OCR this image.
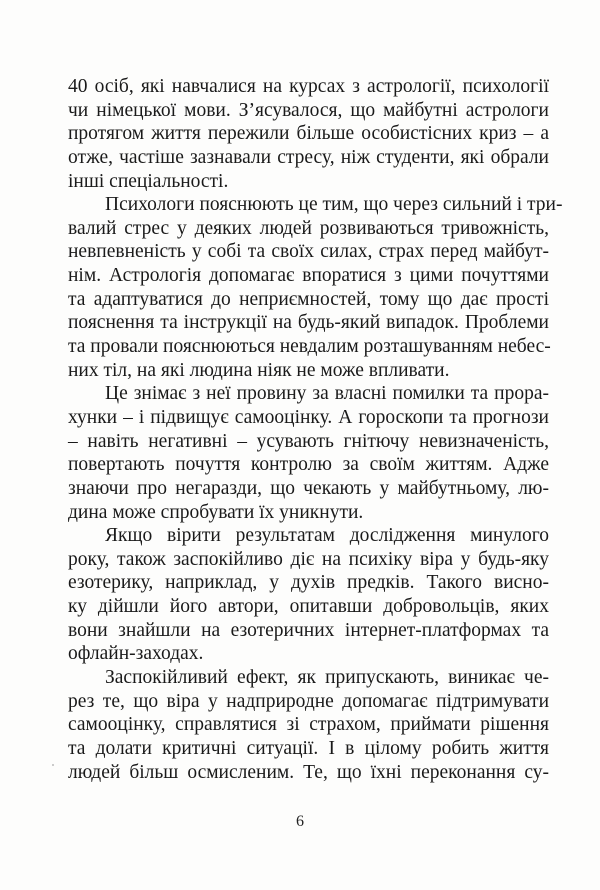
40 осіб, які навчалися на курсах з астрології, психології
чи німецької мови. З’ясувалося, що майбутні астрологи
протягом життя пережили більше особистісних криз – а
отже, частіше зазнавали стресу, ніж студенти, які обрали
інші спеціальності.
Психологи пояснюють це тим, що через сильний і три-
валий стрес у деяких людей розвиваються тривожність,
невпевненість у собі та своїх силах, страх перед майбут-
нім. Астрологія допомагає впоратися з цими почуттями
та адаптуватися до неприємностей, тому що дає прості
пояснення та інструкції на будь-який випадок. Проблеми
та провали пояснюються невдалим розташуванням небес-
них тіл, на які людина ніяк не може впливати.
Це знімає з неї провину за власні помилки та прора-
хунки – і підвищує самооцінку. А гороскопи та прогнози
– навіть негативні – усувають гнітючу невизначеність,
повертають почуття контролю за своїм життям. Адже
знаючи про негаразди, що чекають у майбутньому, лю-
дина може спробувати їх уникнути.
Якщо вірити результатам дослідження минулого
року, також заспокійливо діє на психіку віра у будь-яку
езотерику, наприклад, у духів предків. Такого висно-
ку дійшли його автори, опитавши добровольців, яких
вони знайшли на езотеричних інтернет-платформах та
офлайн-заходах.
Заспокійливий ефект, як припускають, виникає че-
рез те, що віра у надприродне допомагає підтримувати
самооцінку, справлятися зі страхом, приймати рішення
та долати критичні ситуації. І в цілому робить життя
людей більш осмисленим. Те, що їхні переконання су-
6
